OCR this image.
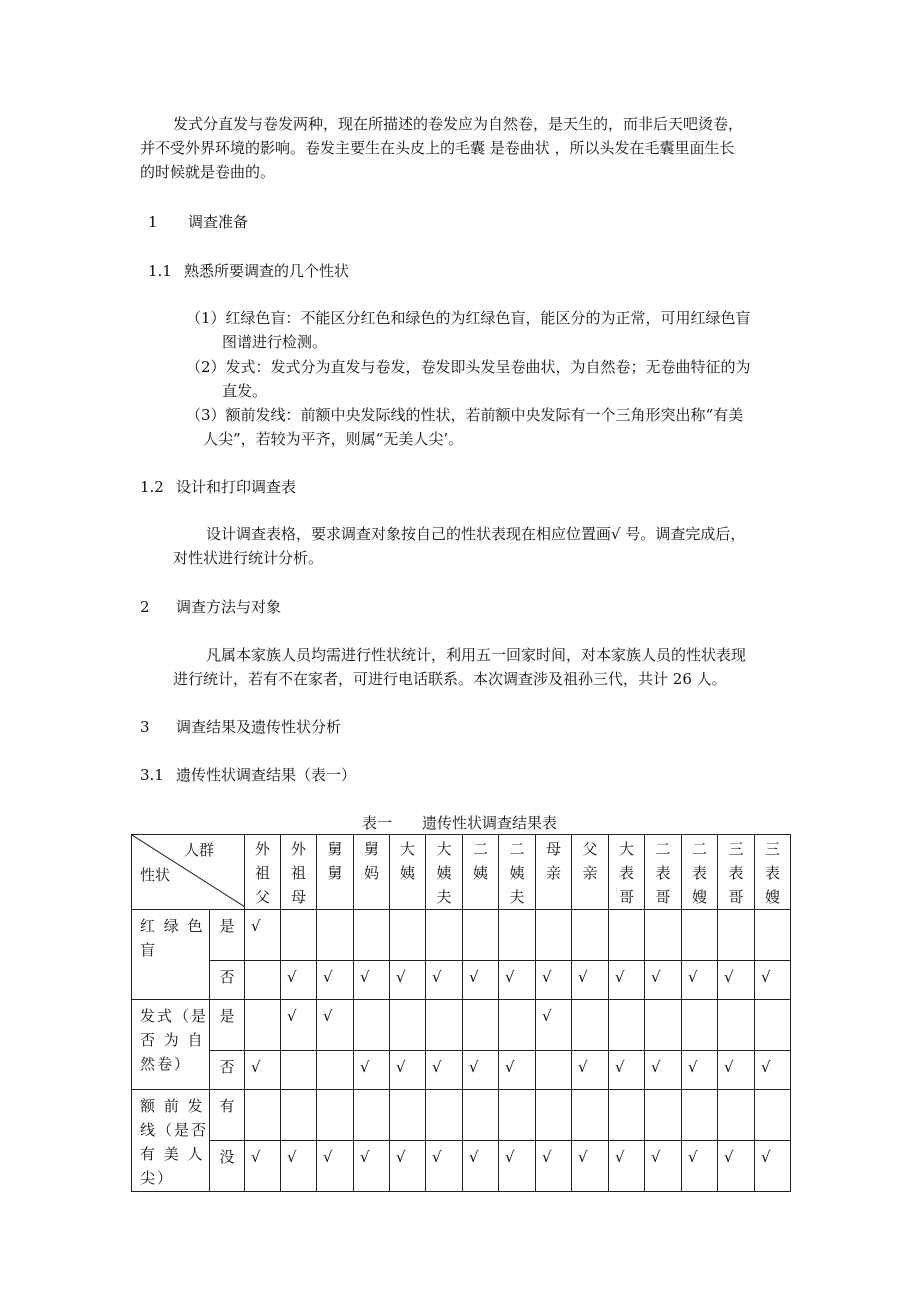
发式分直发与卷发两种，现在所描述的卷发应为自然卷，是天生的，而非后天吧烫卷，
并不受外界环境的影响。卷发主要生在头皮上的毛囊 是卷曲状 ，所以头发在毛囊里面生长
的时候就是卷曲的。
1 调查准备
1.1 熟悉所要调查的几个性状
（1）红绿色盲：不能区分红色和绿色的为红绿色盲，能区分的为正常，可用红绿色盲
图谱进行检测。
（2）发式：发式分为直发与卷发，卷发即头发呈卷曲状，为自然卷；无卷曲特征的为
直发。
（3）额前发线：前额中央发际线的性状，若前额中央发际有一个三角形突出称“有美
人尖”，若较为平齐，则属“无美人尖’。
1.2 设计和打印调查表
设计调查表格，要求调查对象按自己的性状表现在相应位置画√ 号。调查完成后，
对性状进行统计分析。
2 调查方法与对象
凡属本家族人员均需进行性状统计，利用五一回家时间，对本家族人员的性状表现
进行统计，若有不在家者，可进行电话联系。本次调查涉及祖孙三代，共计 26 人。
3 调查结果及遗传性状分析
3.1 遗传性状调查结果（表一）
表一　　遗传性状调查结果表
人群
性状		外
祖
父	外
祖
母	舅
舅	舅
妈	大
姨	大
姨
夫	二
姨	二
姨
夫	母
亲	父
亲	大
表
哥	二
表
哥	二
表
嫂	三
表
哥	三
表
嫂

红 绿 色
盲	是	√														
	否		√	√	√	√	√	√	√	√	√	√	√	√	√	√

发式（是
否 为 自
然卷）	是		√	√						√						
	否	√			√	√	√	√	√		√	√	√	√	√	√

额 前 发
线（是否
有 美 人
尖）	有															
	没	√	√	√	√	√	√	√	√	√	√	√	√	√	√	√
